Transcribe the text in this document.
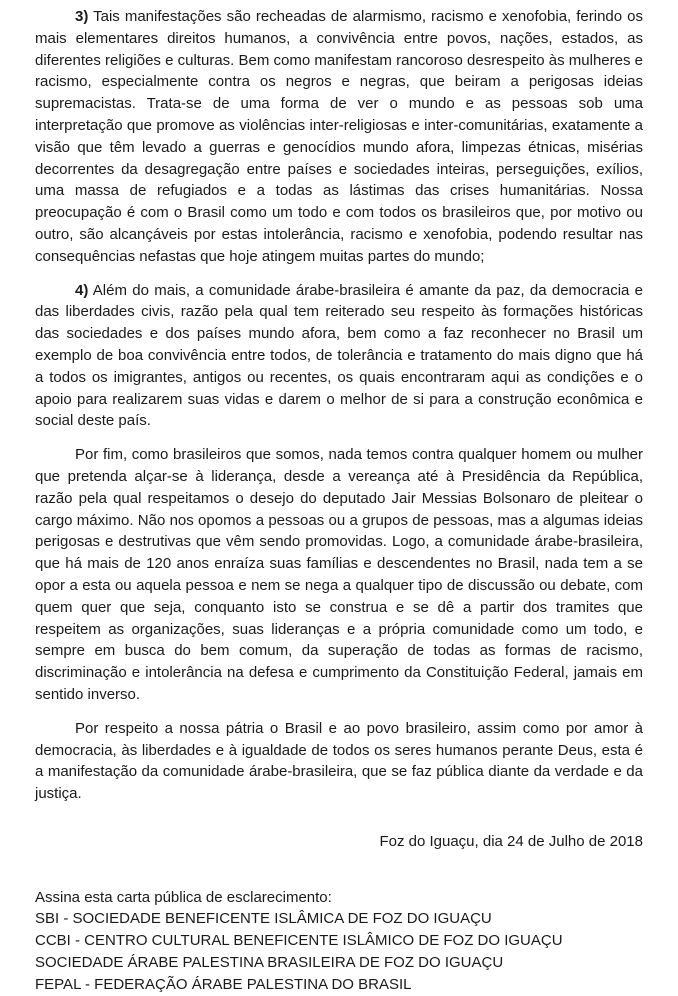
3) Tais manifestações são recheadas de alarmismo, racismo e xenofobia, ferindo os mais elementares direitos humanos, a convivência entre povos, nações, estados, as diferentes religiões e culturas. Bem como manifestam rancoroso desrespeito às mulheres e racismo, especialmente contra os negros e negras, que beiram a perigosas ideias supremacistas. Trata-se de uma forma de ver o mundo e as pessoas sob uma interpretação que promove as violências inter-religiosas e inter-comunitárias, exatamente a visão que têm levado a guerras e genocídios mundo afora, limpezas étnicas, misérias decorrentes da desagregação entre países e sociedades inteiras, perseguições, exílios, uma massa de refugiados e a todas as lástimas das crises humanitárias. Nossa preocupação é com o Brasil como um todo e com todos os brasileiros que, por motivo ou outro, são alcançáveis por estas intolerância, racismo e xenofobia, podendo resultar nas consequências nefastas que hoje atingem muitas partes do mundo;

4) Além do mais, a comunidade árabe-brasileira é amante da paz, da democracia e das liberdades civis, razão pela qual tem reiterado seu respeito às formações históricas das sociedades e dos países mundo afora, bem como a faz reconhecer no Brasil um exemplo de boa convivência entre todos, de tolerância e tratamento do mais digno que há a todos os imigrantes, antigos ou recentes, os quais encontraram aqui as condições e o apoio para realizarem suas vidas e darem o melhor de si para a construção econômica e social deste país.

Por fim, como brasileiros que somos, nada temos contra qualquer homem ou mulher que pretenda alçar-se à liderança, desde a vereança até à Presidência da República, razão pela qual respeitamos o desejo do deputado Jair Messias Bolsonaro de pleitear o cargo máximo. Não nos opomos a pessoas ou a grupos de pessoas, mas a algumas ideias perigosas e destrutivas que vêm sendo promovidas. Logo, a comunidade árabe-brasileira, que há mais de 120 anos enraíza suas famílias e descendentes no Brasil, nada tem a se opor a esta ou aquela pessoa e nem se nega a qualquer tipo de discussão ou debate, com quem quer que seja, conquanto isto se construa e se dê a partir dos tramites que respeitem as organizações, suas lideranças e a própria comunidade como um todo, e sempre em busca do bem comum, da superação de todas as formas de racismo, discriminação e intolerância na defesa e cumprimento da Constituição Federal, jamais em sentido inverso.

Por respeito a nossa pátria o Brasil e ao povo brasileiro, assim como por amor à democracia, às liberdades e à igualdade de todos os seres humanos perante Deus, esta é a manifestação da comunidade árabe-brasileira, que se faz pública diante da verdade e da justiça.

Foz do Iguaçu, dia 24 de Julho de 2018

Assina esta carta pública de esclarecimento:
SBI - SOCIEDADE BENEFICENTE ISLÂMICA DE FOZ DO IGUAÇU
CCBI - CENTRO CULTURAL BENEFICENTE ISLÂMICO DE FOZ DO IGUAÇU
SOCIEDADE ÁRABE PALESTINA BRASILEIRA DE FOZ DO IGUAÇU
FEPAL - FEDERAÇÃO ÁRABE PALESTINA DO BRASIL
